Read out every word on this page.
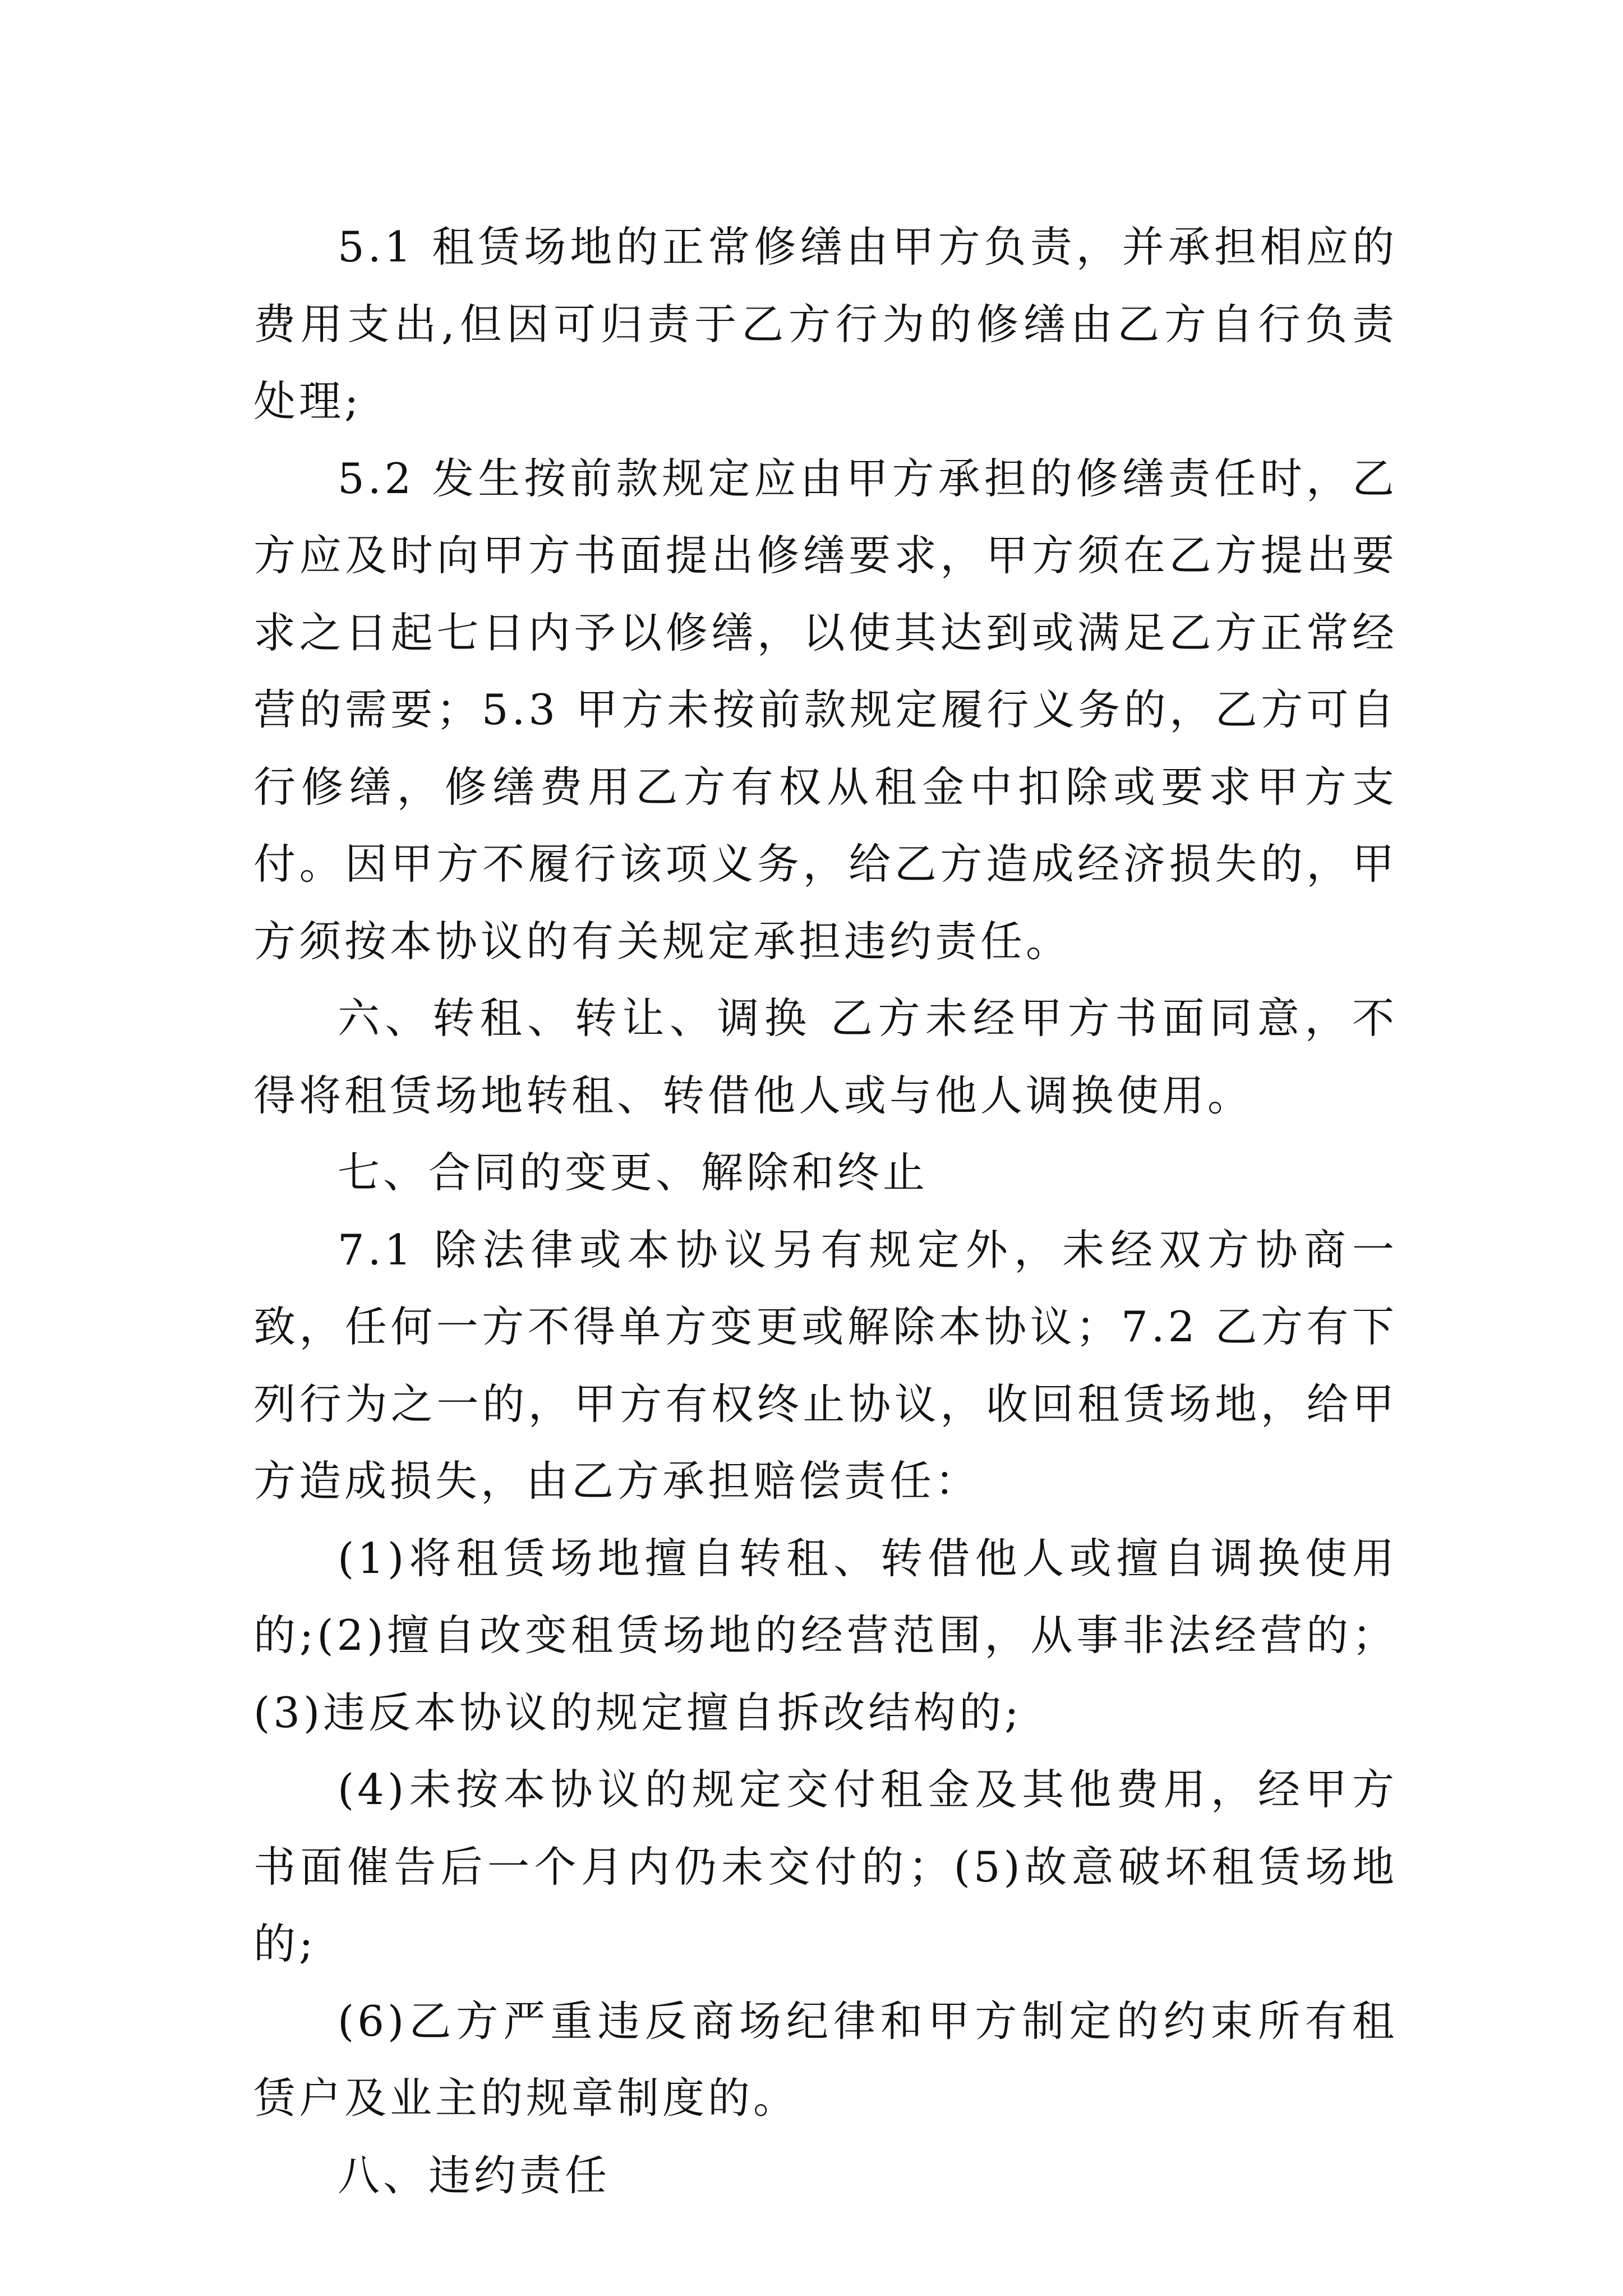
5.1 租赁场地的正常修缮由甲方负责，并承担相应的费用支出,但因可归责于乙方行为的修缮由乙方自行负责处理;

5.2 发生按前款规定应由甲方承担的修缮责任时，乙方应及时向甲方书面提出修缮要求，甲方须在乙方提出要求之日起七日内予以修缮，以使其达到或满足乙方正常经营的需要；5.3 甲方未按前款规定履行义务的，乙方可自行修缮，修缮费用乙方有权从租金中扣除或要求甲方支付。因甲方不履行该项义务，给乙方造成经济损失的，甲方须按本协议的有关规定承担违约责任。

六、转租、转让、调换 乙方未经甲方书面同意，不得将租赁场地转租、转借他人或与他人调换使用。

七、合同的变更、解除和终止

7.1 除法律或本协议另有规定外，未经双方协商一致，任何一方不得单方变更或解除本协议；7.2 乙方有下列行为之一的，甲方有权终止协议，收回租赁场地，给甲方造成损失，由乙方承担赔偿责任：

(1)将租赁场地擅自转租、转借他人或擅自调换使用的;(2)擅自改变租赁场地的经营范围，从事非法经营的；(3)违反本协议的规定擅自拆改结构的;

(4)未按本协议的规定交付租金及其他费用，经甲方书面催告后一个月内仍未交付的；(5)故意破坏租赁场地的;

(6)乙方严重违反商场纪律和甲方制定的约束所有租赁户及业主的规章制度的。

八、违约责任
